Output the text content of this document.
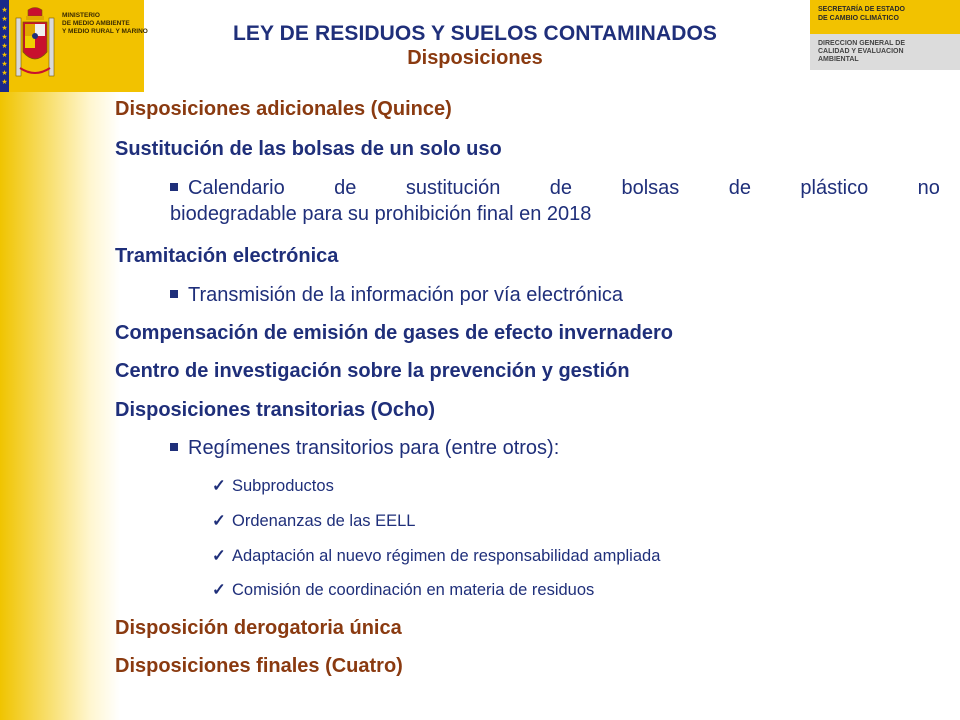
★
★
★
★
★
★
★
★
★
MINISTERIO
DE MEDIO AMBIENTE
Y MEDIO RURAL Y MARINO	LEY DE RESIDUOS Y SUELOS CONTAMINADOS
Disposiciones
SECRETARÍA DE ESTADO
DE CAMBIO CLIMÁTICO
DIRECCION GENERAL DE
CALIDAD Y EVALUACION
AMBIENTAL
Disposiciones adicionales (Quince)
Sustitución de las bolsas de un solo uso
Calendario de sustitución de bolsas de plástico no
biodegradable para su prohibición final en 2018
Tramitación electrónica
Transmisión de la información por vía electrónica
Compensación de emisión de gases de efecto invernadero
Centro de investigación sobre la prevención y gestión
Disposiciones transitorias (Ocho)
Regímenes transitorios para (entre otros):
✓ Subproductos
✓ Ordenanzas de las EELL
✓ Adaptación al nuevo régimen de responsabilidad ampliada
✓ Comisión de coordinación en materia de residuos
Disposición derogatoria única
Disposiciones finales (Cuatro)
